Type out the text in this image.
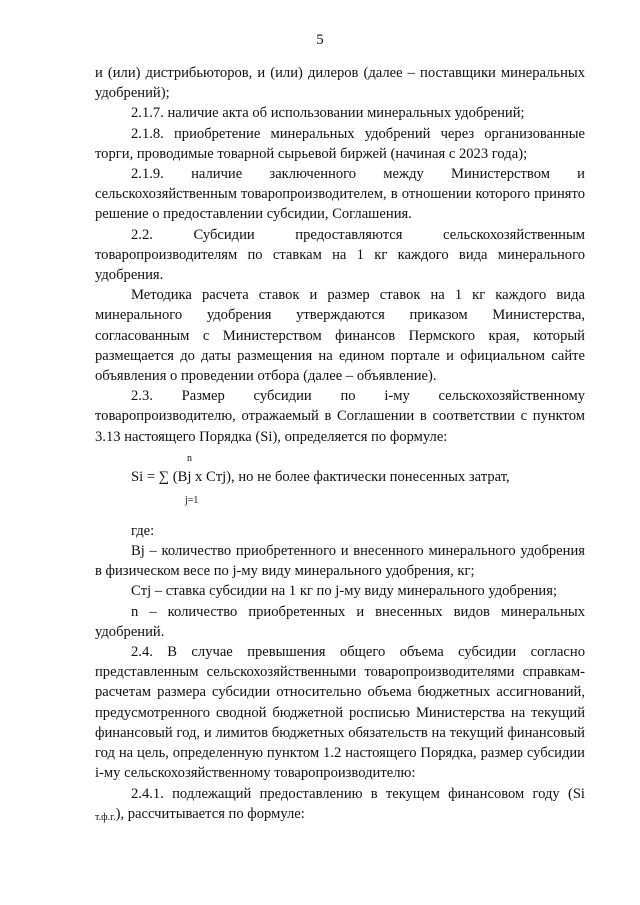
5

и (или) дистрибьюторов, и (или) дилеров (далее – поставщики минеральных удобрений);

2.1.7. наличие акта об использовании минеральных удобрений;

2.1.8. приобретение минеральных удобрений через организованные торги, проводимые товарной сырьевой биржей (начиная с 2023 года);

2.1.9. наличие заключенного между Министерством и сельскохозяйственным товаропроизводителем, в отношении которого принято решение о предоставлении субсидии, Соглашения.

2.2. Субсидии предоставляются сельскохозяйственным товаропроизводителям по ставкам на 1 кг каждого вида минерального удобрения.

Методика расчета ставок и размер ставок на 1 кг каждого вида минерального удобрения утверждаются приказом Министерства, согласованным с Министерством финансов Пермского края, который размещается до даты размещения на едином портале и официальном сайте объявления о проведении отбора (далее – объявление).

2.3. Размер субсидии по i-му сельскохозяйственному товаропроизводителю, отражаемый в Соглашении в соответствии с пунктом 3.13 настоящего Порядка (Si), определяется по формуле:

n
Si = ∑ (Bj x Cтj), но не более фактически понесенных затрат,
j=1

где:

Bj – количество приобретенного и внесенного минерального удобрения в физическом весе по j-му виду минерального удобрения, кг;

Cтj – ставка субсидии на 1 кг по j-му виду минерального удобрения;

n – количество приобретенных и внесенных видов минеральных удобрений.

2.4. В случае превышения общего объема субсидии согласно представленным сельскохозяйственными товаропроизводителями справкам-расчетам размера субсидии относительно объема бюджетных ассигнований, предусмотренного сводной бюджетной росписью Министерства на текущий финансовый год, и лимитов бюджетных обязательств на текущий финансовый год на цель, определенную пунктом 1.2 настоящего Порядка, размер субсидии i-му сельскохозяйственному товаропроизводителю:

2.4.1. подлежащий предоставлению в текущем финансовом году (Si $_{т.ф.г.}$), рассчитывается по формуле:
